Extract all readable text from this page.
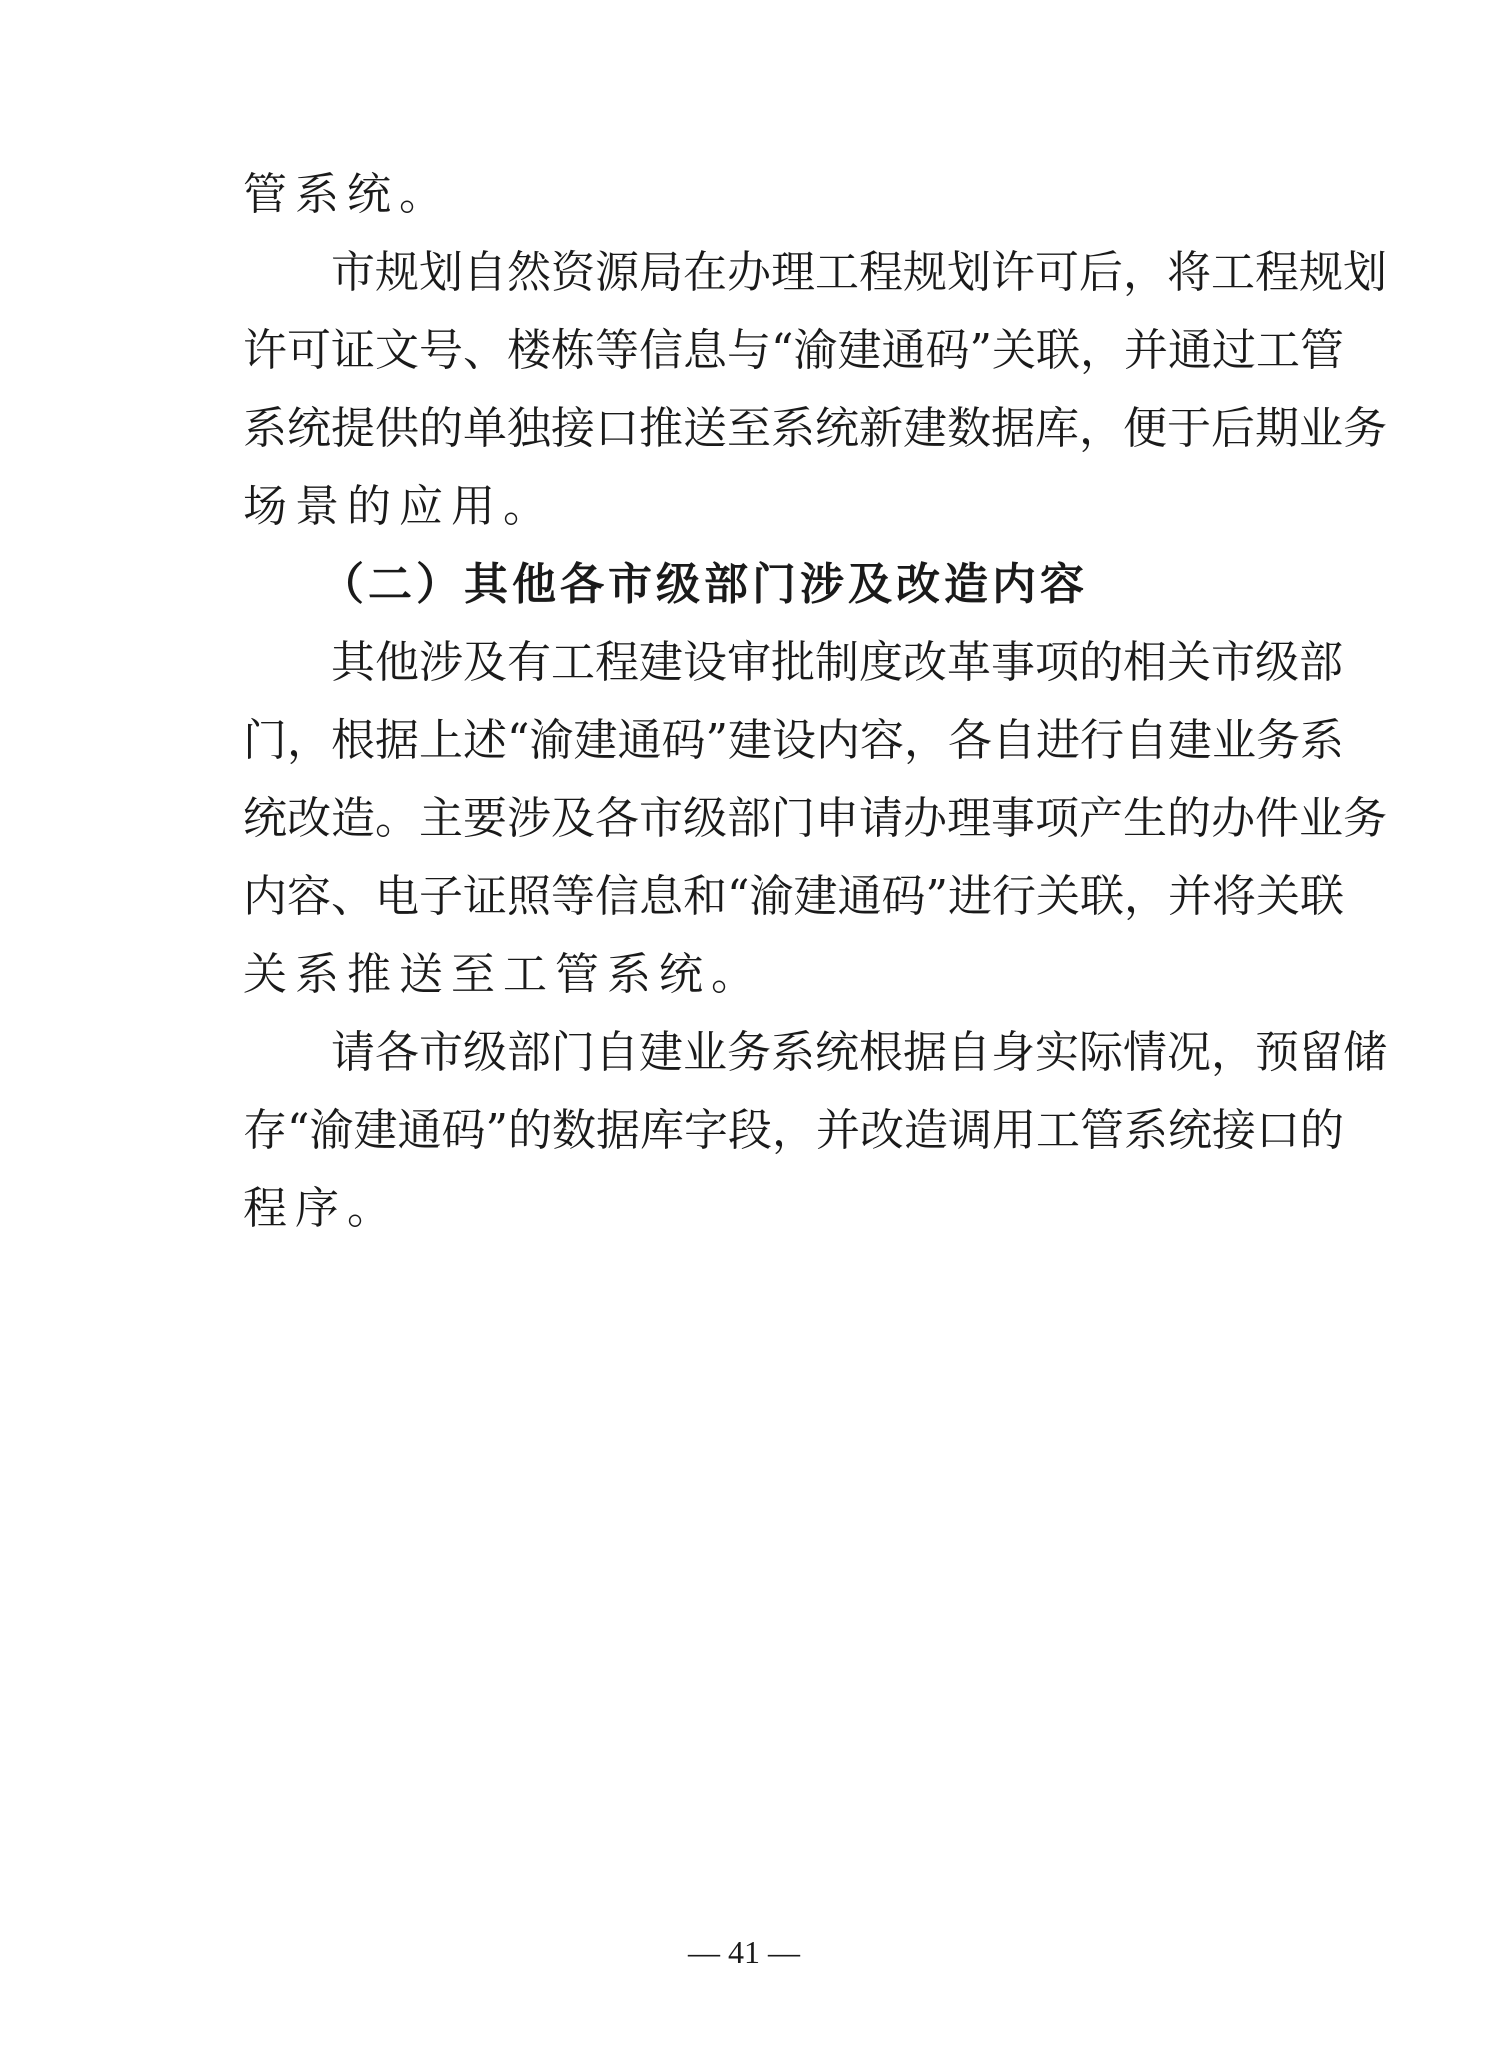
管系统。
市规划自然资源局在办理工程规划许可后，将工程规划
许可证文号、楼栋等信息与“渝建通码”关联，并通过工管
系统提供的单独接口推送至系统新建数据库，便于后期业务
场景的应用。
（二）其他各市级部门涉及改造内容
其他涉及有工程建设审批制度改革事项的相关市级部
门，根据上述“渝建通码”建设内容，各自进行自建业务系
统改造。主要涉及各市级部门申请办理事项产生的办件业务
内容、电子证照等信息和“渝建通码”进行关联，并将关联
关系推送至工管系统。
请各市级部门自建业务系统根据自身实际情况，预留储
存“渝建通码”的数据库字段，并改造调用工管系统接口的
程序。
— 41 —
